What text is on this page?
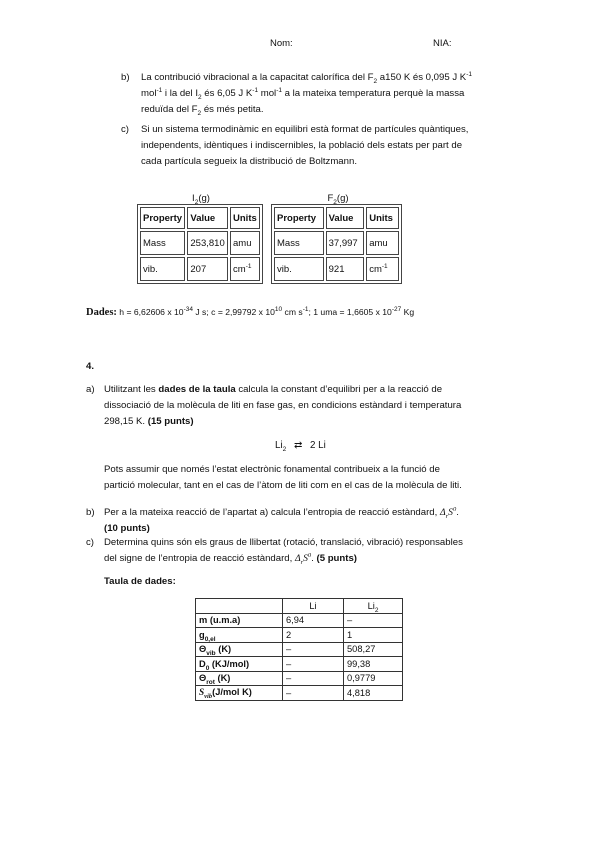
Nom:	NIA:
b) La contribució vibracional a la capacitat calorífica del $F_2$ a150 K és 0,095 J $K^{-1}$
mol$^{-1}$ i la del $I_2$ és 6,05 J $K^{-1}$ mol$^{-1}$ a la mateixa temperatura perquè la massa
reduïda del $F_2$ és més petita.
c) Si un sistema termodinàmic en equilibri està format de partícules quàntiques,
independents, idèntiques i indiscernibles, la població dels estats per part de
cada partícula segueix la distribució de Boltzmann.
$I_2(g)$
Property	Value	Units
Mass	253,810	amu
vib.	207	$cm^{-1}$
$F_2(g)$
Property	Value	Units
Mass	37,997	amu
vib.	921	$cm^{-1}$
Dades: h = 6,62606 x $10^{-34}$ J s; c = 2,99792 x $10^{10}$ cm $s^{-1}$; 1 uma = 1,6605 x $10^{-27}$ Kg
4.
a) Utilitzant les dades de la taula calcula la constant d’equilibri per a la reacció de
dissociació de la molècula de liti en fase gas, en condicions estàndard i temperatura
298,15 K. (15 punts)
$Li_2$ ⇄ 2 Li
Pots assumir que només l’estat electrònic fonamental contribueix a la funció de
partició molecular, tant en el cas de l’àtom de liti com en el cas de la molècula de liti.
b) Per a la mateixa reacció de l’apartat a) calcula l’entropia de reacció estàndard, $\Delta_rS^0$.
(10 punts)
c) Determina quins són els graus de llibertat (rotació, translació, vibració) responsables
del signe de l’entropia de reacció estàndard, $\Delta_rS^0$. (5 punts)
Taula de dades:
	Li	$Li_2$
m (u.m.a)	6,94	–
$g_{0,el}$	2	1
$\Theta_{vib}$ (K)	–	508,27
$D_0$ (KJ/mol)	–	99,38
$\Theta_{rot}$ (K)	–	0,9779
$S_{vib}(J$/mol K)	–	4,818
